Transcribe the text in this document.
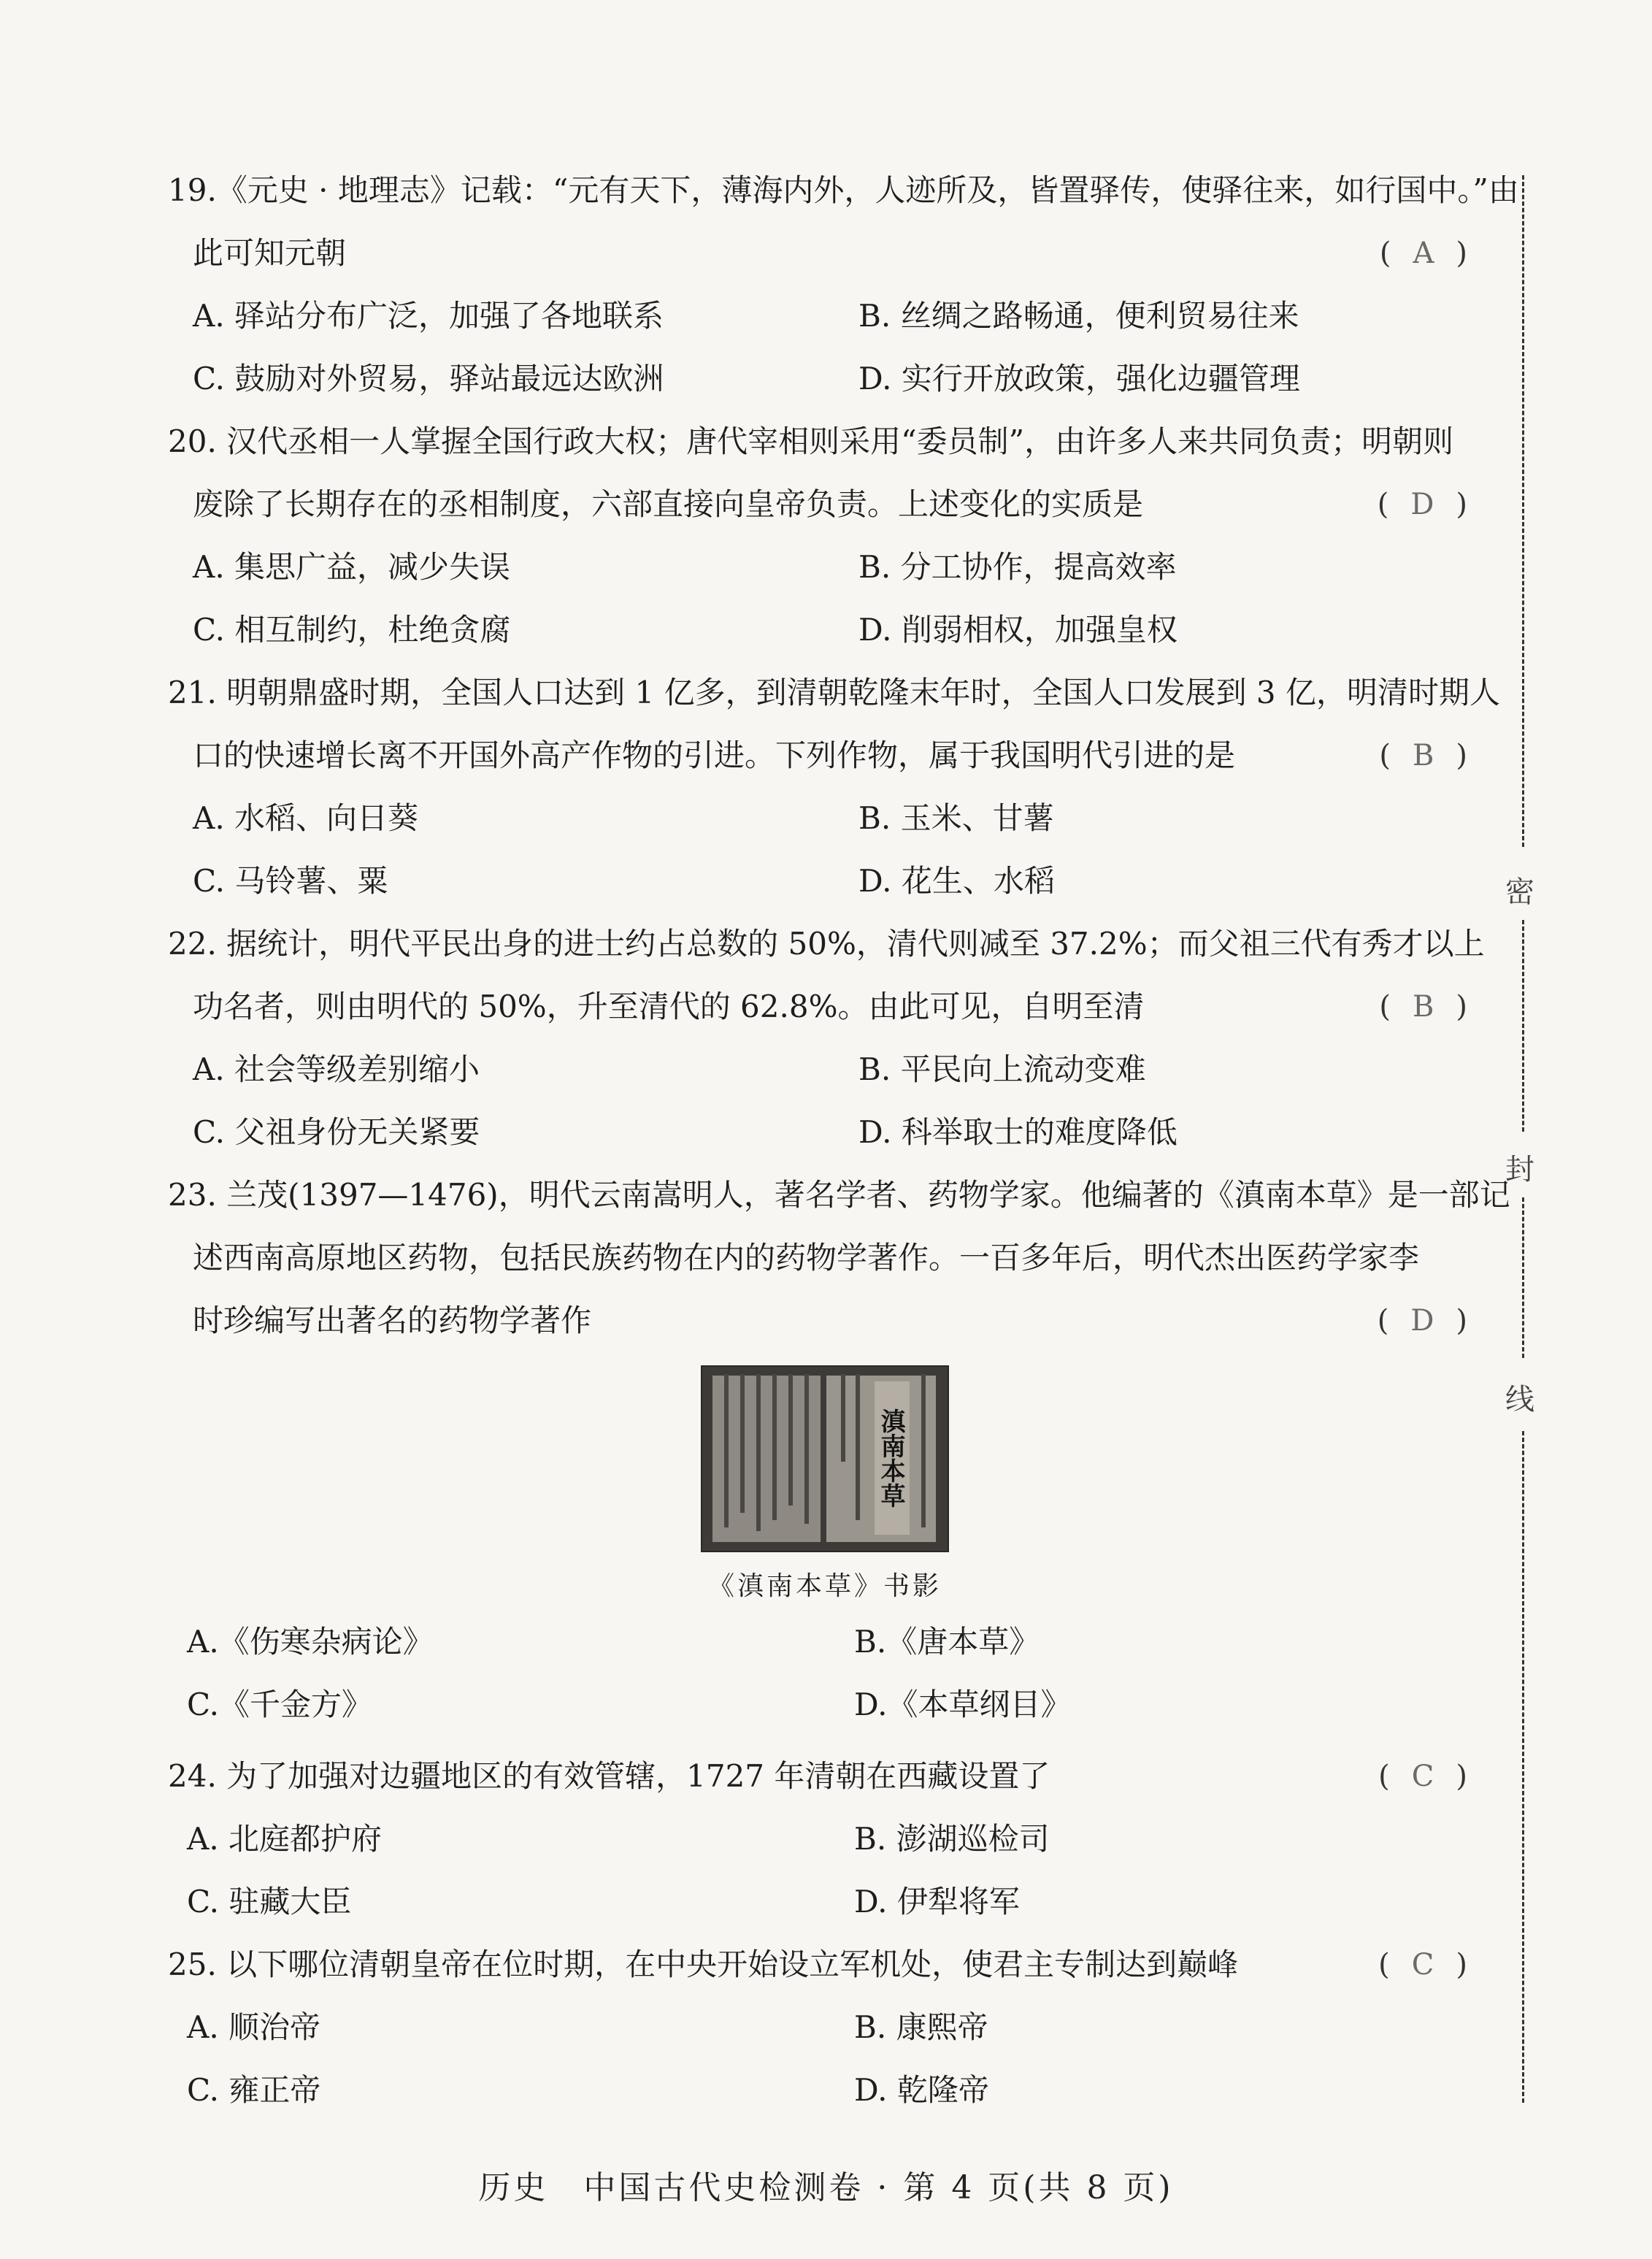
19.《元史 · 地理志》记载：“元有天下，薄海内外，人迹所及，皆置驿传，使驿往来，如行国中。”由
此可知元朝	( A )
A. 驿站分布广泛，加强了各地联系	B. 丝绸之路畅通，便利贸易往来
C. 鼓励对外贸易，驿站最远达欧洲	D. 实行开放政策，强化边疆管理
20. 汉代丞相一人掌握全国行政大权；唐代宰相则采用“委员制”，由许多人来共同负责；明朝则
废除了长期存在的丞相制度，六部直接向皇帝负责。上述变化的实质是	( D )
A. 集思广益，减少失误	B. 分工协作，提高效率
C. 相互制约，杜绝贪腐	D. 削弱相权，加强皇权
21. 明朝鼎盛时期，全国人口达到 1 亿多，到清朝乾隆末年时，全国人口发展到 3 亿，明清时期人
口的快速增长离不开国外高产作物的引进。下列作物，属于我国明代引进的是	( B )
A. 水稻、向日葵	B. 玉米、甘薯
C. 马铃薯、粟	D. 花生、水稻
22. 据统计，明代平民出身的进士约占总数的 50%，清代则减至 37.2%；而父祖三代有秀才以上
功名者，则由明代的 50%，升至清代的 62.8%。由此可见，自明至清	( B )
A. 社会等级差别缩小	B. 平民向上流动变难
C. 父祖身份无关紧要	D. 科举取士的难度降低
23. 兰茂(1397—1476)，明代云南嵩明人，著名学者、药物学家。他编著的《滇南本草》是一部记
述西南高原地区药物，包括民族药物在内的药物学著作。一百多年后，明代杰出医药学家李
时珍编写出著名的药物学著作	( D )
滇南本草
《滇南本草》书影
A.《伤寒杂病论》	B.《唐本草》
C.《千金方》	D.《本草纲目》
24. 为了加强对边疆地区的有效管辖，1727 年清朝在西藏设置了	( C )
A. 北庭都护府	B. 澎湖巡检司
C. 驻藏大臣	D. 伊犁将军
25. 以下哪位清朝皇帝在位时期，在中央开始设立军机处，使君主专制达到巅峰	( C )
A. 顺治帝	B. 康熙帝
C. 雍正帝	D. 乾隆帝
密
封
线
历史　中国古代史检测卷 · 第 4 页(共 8 页)
